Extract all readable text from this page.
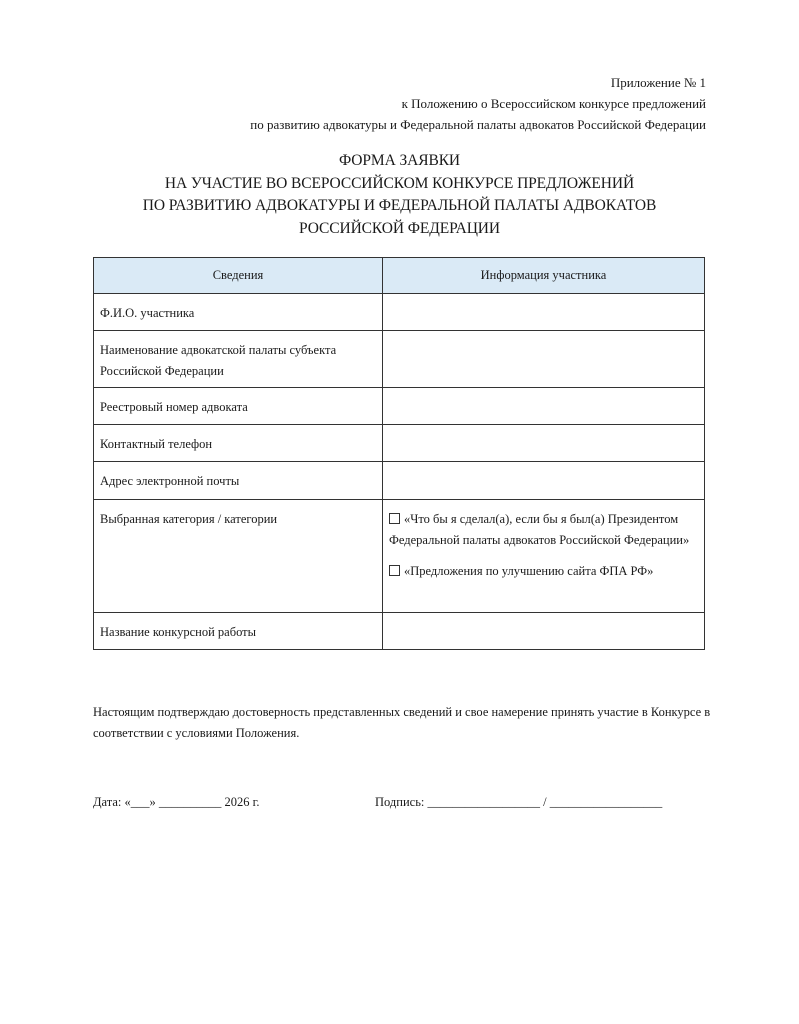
Приложение № 1
к Положению о Всероссийском конкурсе предложений
по развитию адвокатуры и Федеральной палаты адвокатов Российской Федерации
ФОРМА ЗАЯВКИ
НА УЧАСТИЕ ВО ВСЕРОССИЙСКОМ КОНКУРСЕ ПРЕДЛОЖЕНИЙ
ПО РАЗВИТИЮ АДВОКАТУРЫ И ФЕДЕРАЛЬНОЙ ПАЛАТЫ АДВОКАТОВ
РОССИЙСКОЙ ФЕДЕРАЦИИ
Сведения	Информация участника
Ф.И.О. участника	

Наименование адвокатской палаты субъекта
Российской Федерации	

Реестровый номер адвоката	
Контактный телефон	
Адрес электронной почты	
Выбранная категория / категории	«Что бы я сделал(а), если бы я был(а) Президентом Федеральной палаты адвокатов Российской Федерации»
«Предложения по улучшению сайта ФПА РФ»

Название конкурсной работы	
Настоящим подтверждаю достоверность представленных сведений и свое намерение принять участие в Конкурсе в соответствии с условиями Положения.
Дата: «___» __________ 2026 г.	Подпись: __________________ / __________________
